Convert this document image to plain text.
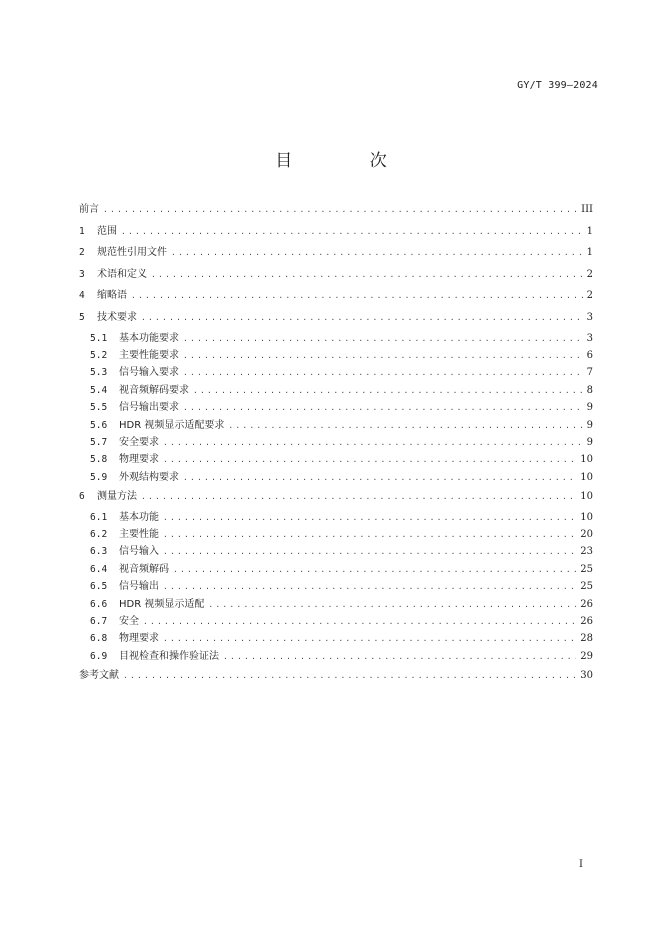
GY/T 399—2024
目 次
前言 .....	III
1	范围 .....	1
2	规范性引用文件 .....	1
3	术语和定义 .....	2
4	缩略语 .....	2
5	技术要求 .....	3
5.1	基本功能要求 .....	3
5.2	主要性能要求 .....	6
5.3	信号输入要求 .....	7
5.4	视音频解码要求 .....	8
5.5	信号输出要求 .....	9
5.6	HDR 视频显示适配要求 .....	9
5.7	安全要求 .....	9
5.8	物理要求 .....	10
5.9	外观结构要求 .....	10
6	测量方法 .....	10
6.1	基本功能 .....	10
6.2	主要性能 .....	20
6.3	信号输入 .....	23
6.4	视音频解码 .....	25
6.5	信号输出 .....	25
6.6	HDR 视频显示适配 .....	26
6.7	安全 .....	26
6.8	物理要求 .....	28
6.9	目视检查和操作验证法 .....	29
参考文献 .....	30
I
